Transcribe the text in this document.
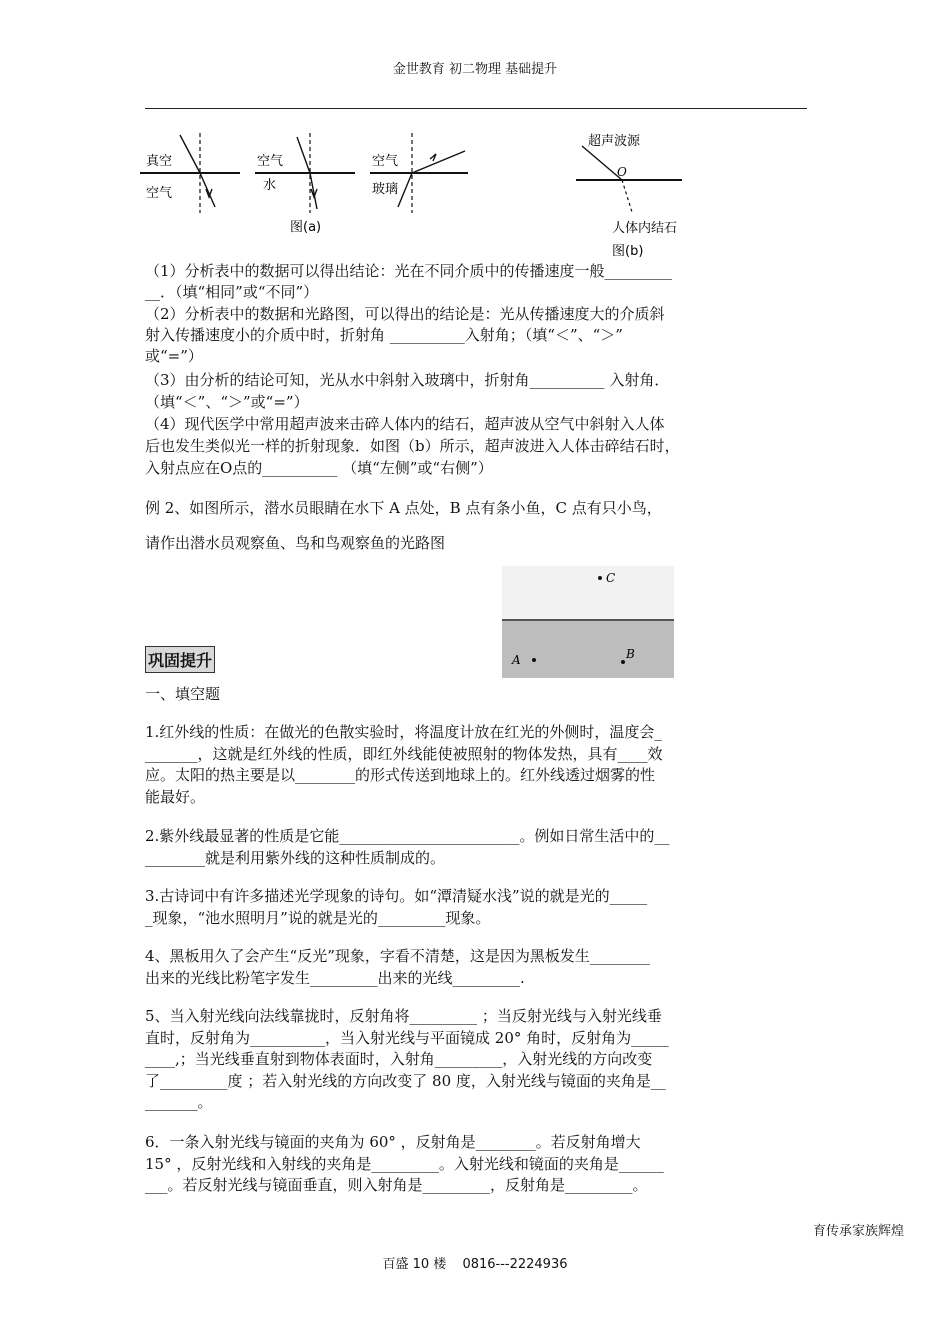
金世教育 初二物理 基础提升
真空
空气
空气
水
空气
玻璃
图(a)
超声波源
O
人体内结石
图(b)
（1）分析表中的数据可以得出结论：光在不同介质中的传播速度一般_________
__．（填“相同”或“不同”）
（2）分析表中的数据和光路图，可以得出的结论是：光从传播速度大的介质斜
射入传播速度小的介质中时，折射角 __________入射角；（填“＜”、“＞”
或“=”）
（3）由分析的结论可知，光从水中斜射入玻璃中，折射角__________ 入射角．
（填“＜”、“＞”或“=”）
（4）现代医学中常用超声波来击碎人体内的结石，超声波从空气中斜射入人体
后也发生类似光一样的折射现象．如图（b）所示，超声波进入人体击碎结石时，
入射点应在O点的__________ （填“左侧”或“右侧”）
例 2、如图所示，潜水员眼睛在水下 A 点处，B 点有条小鱼，C 点有只小鸟，
请作出潜水员观察鱼、鸟和鸟观察鱼的光路图
C
A	B
巩固提升
一、填空题
1.红外线的性质：在做光的色散实验时，将温度计放在红光的外侧时，温度会_
_______，这就是红外线的性质，即红外线能使被照射的物体发热，具有____效
应。太阳的热主要是以________的形式传送到地球上的。红外线透过烟雾的性
能最好。
2.紫外线最显著的性质是它能________________________。例如日常生活中的__
________就是利用紫外线的这种性质制成的。
3.古诗词中有许多描述光学现象的诗句。如“潭清疑水浅”说的就是光的_____
_现象，“池水照明月”说的就是光的_________现象。
4、黑板用久了会产生“反光”现象，字看不清楚，这是因为黑板发生________
出来的光线比粉笔字发生_________出来的光线_________.
5、当入射光线向法线靠拢时，反射角将_________ ；当反射光线与入射光线垂
直时，反射角为__________，当入射光线与平面镜成 20° 角时，反射角为_____
____,；当光线垂直射到物体表面时，入射角_________，入射光线的方向改变
了_________度 ；若入射光线的方向改变了 80 度，入射光线与镜面的夹角是__
_______。
6．一条入射光线与镜面的夹角为 60° ，反射角是________。若反射角增大
15° ，反射光线和入射线的夹角是_________。入射光线和镜面的夹角是______
___。若反射光线与镜面垂直，则入射角是_________，反射角是_________。
育传承家族辉煌
百盛 10 楼 0816---2224936
